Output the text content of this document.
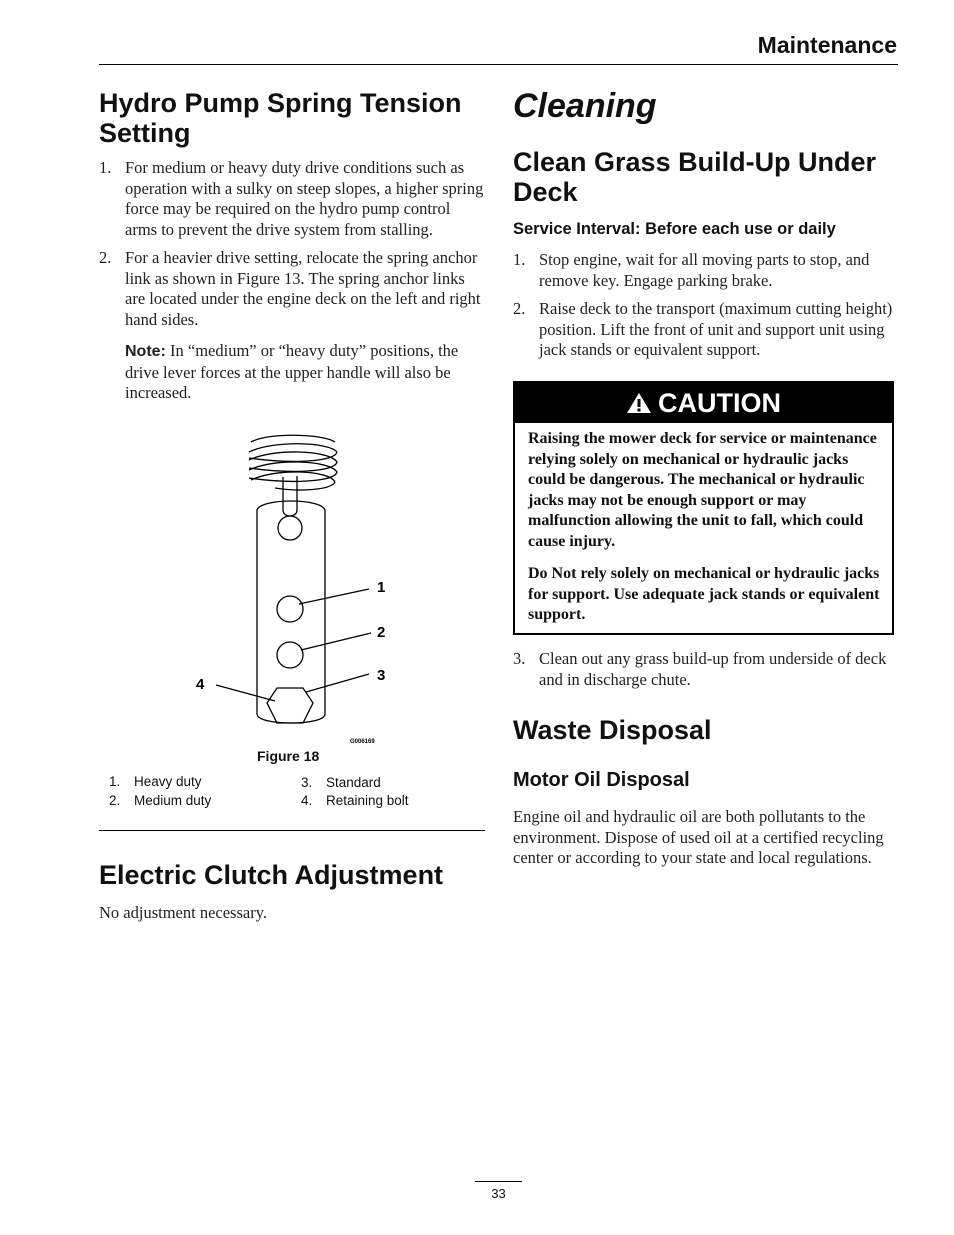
Maintenance
Hydro Pump Spring Tension Setting
1. For medium or heavy duty drive conditions such as operation with a sulky on steep slopes, a higher spring force may be required on the hydro pump control arms to prevent the drive system from stalling.
2. For a heavier drive setting, relocate the spring anchor link as shown in Figure 13. The spring anchor links are located under the engine deck on the left and right hand sides.
Note: In “medium” or “heavy duty” positions, the drive lever forces at the upper handle will also be increased.
1
2
3
4
G006169
Figure 18
1. Heavy duty
2. Medium duty
3. Standard
4. Retaining bolt
Electric Clutch Adjustment
No adjustment necessary.
Cleaning
Clean Grass Build-Up Under Deck
Service Interval: Before each use or daily
1. Stop engine, wait for all moving parts to stop, and remove key. Engage parking brake.
2. Raise deck to the transport (maximum cutting height) position. Lift the front of unit and support unit using jack stands or equivalent support.
CAUTION
Raising the mower deck for service or maintenance relying solely on mechanical or hydraulic jacks could be dangerous. The mechanical or hydraulic jacks may not be enough support or may malfunction allowing the unit to fall, which could cause injury.
Do Not rely solely on mechanical or hydraulic jacks for support. Use adequate jack stands or equivalent support.
3. Clean out any grass build-up from underside of deck and in discharge chute.
Waste Disposal
Motor Oil Disposal
Engine oil and hydraulic oil are both pollutants to the environment. Dispose of used oil at a certified recycling center or according to your state and local regulations.
33
